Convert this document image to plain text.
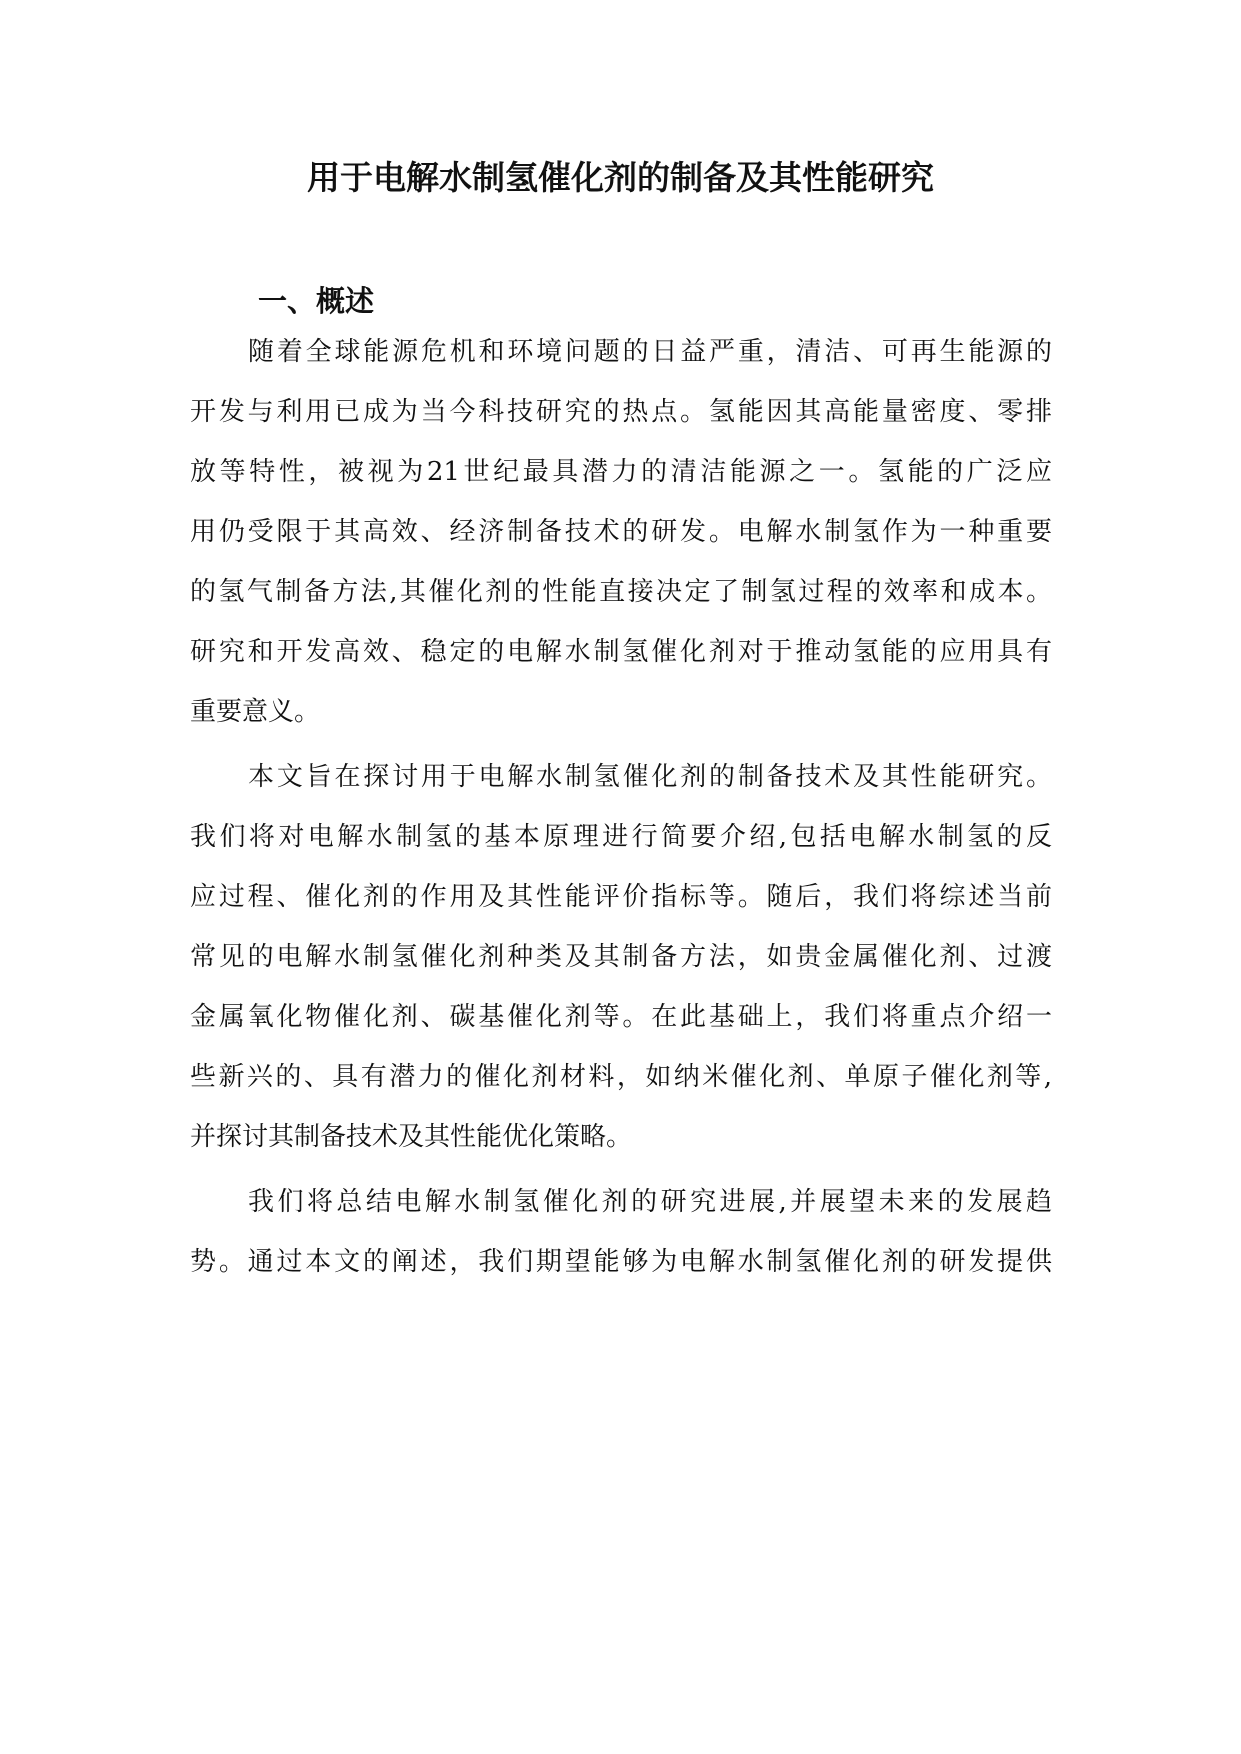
用于电解水制氢催化剂的制备及其性能研究
一、概述

随着全球能源危机和环境问题的日益严重，清洁、可再生能源的

开发与利用已成为当今科技研究的热点。氢能因其高能量密度、零排

放等特性，被视为21世纪最具潜力的清洁能源之一。氢能的广泛应

用仍受限于其高效、经济制备技术的研发。电解水制氢作为一种重要

的氢气制备方法,其催化剂的性能直接决定了制氢过程的效率和成本。

研究和开发高效、稳定的电解水制氢催化剂对于推动氢能的应用具有

重要意义。

本文旨在探讨用于电解水制氢催化剂的制备技术及其性能研究。

我们将对电解水制氢的基本原理进行简要介绍,包括电解水制氢的反

应过程、催化剂的作用及其性能评价指标等。随后，我们将综述当前

常见的电解水制氢催化剂种类及其制备方法，如贵金属催化剂、过渡

金属氧化物催化剂、碳基催化剂等。在此基础上，我们将重点介绍一

些新兴的、具有潜力的催化剂材料，如纳米催化剂、单原子催化剂等,

并探讨其制备技术及其性能优化策略。

我们将总结电解水制氢催化剂的研究进展,并展望未来的发展趋

势。通过本文的阐述，我们期望能够为电解水制氢催化剂的研发提供
